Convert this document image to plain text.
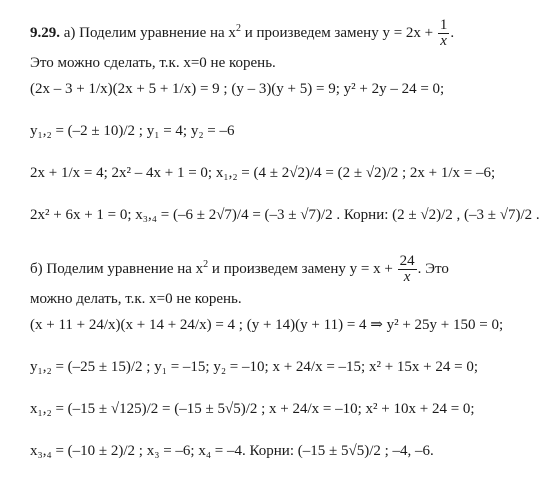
9.29. а) Поделим уравнение на $x^2$ и произведем замену $y = 2x + \frac{1}{x}$ .
Это можно сделать, т.к. x=0 не корень.
(2x – 3 + 1/x)(2x + 5 + 1/x) = 9 ; (y – 3)(y + 5) = 9; y² + 2y – 24 = 0;
y₁,₂ = (–2 ± 10)/2 ; y₁ = 4; y₂ = –6
2x + 1/x = 4; 2x² – 4x + 1 = 0; x₁,₂ = (4 ± 2√2)/4 = (2 ± √2)/2 ; 2x + 1/x = –6;
2x² + 6x + 1 = 0; x₃,₄ = (–6 ± 2√7)/4 = (–3 ± √7)/2 . Корни: (2 ± √2)/2 , (–3 ± √7)/2 .
б) Поделим уравнение на $x^2$ и произведем замену $y = x + \frac{24}{x}$ . Это
можно делать, т.к. x=0 не корень.
(x + 11 + 24/x)(x + 14 + 24/x) = 4 ; (y + 14)(y + 11) = 4 ⇒ y² + 25y + 150 = 0;
y₁,₂ = (–25 ± 15)/2 ; y₁ = –15; y₂ = –10; x + 24/x = –15; x² + 15x + 24 = 0;
x₁,₂ = (–15 ± √125)/2 = (–15 ± 5√5)/2 ; x + 24/x = –10; x² + 10x + 24 = 0;
x₃,₄ = (–10 ± 2)/2 ; x₃ = –6; x₄ = –4. Корни: (–15 ± 5√5)/2 ; –4, –6.
